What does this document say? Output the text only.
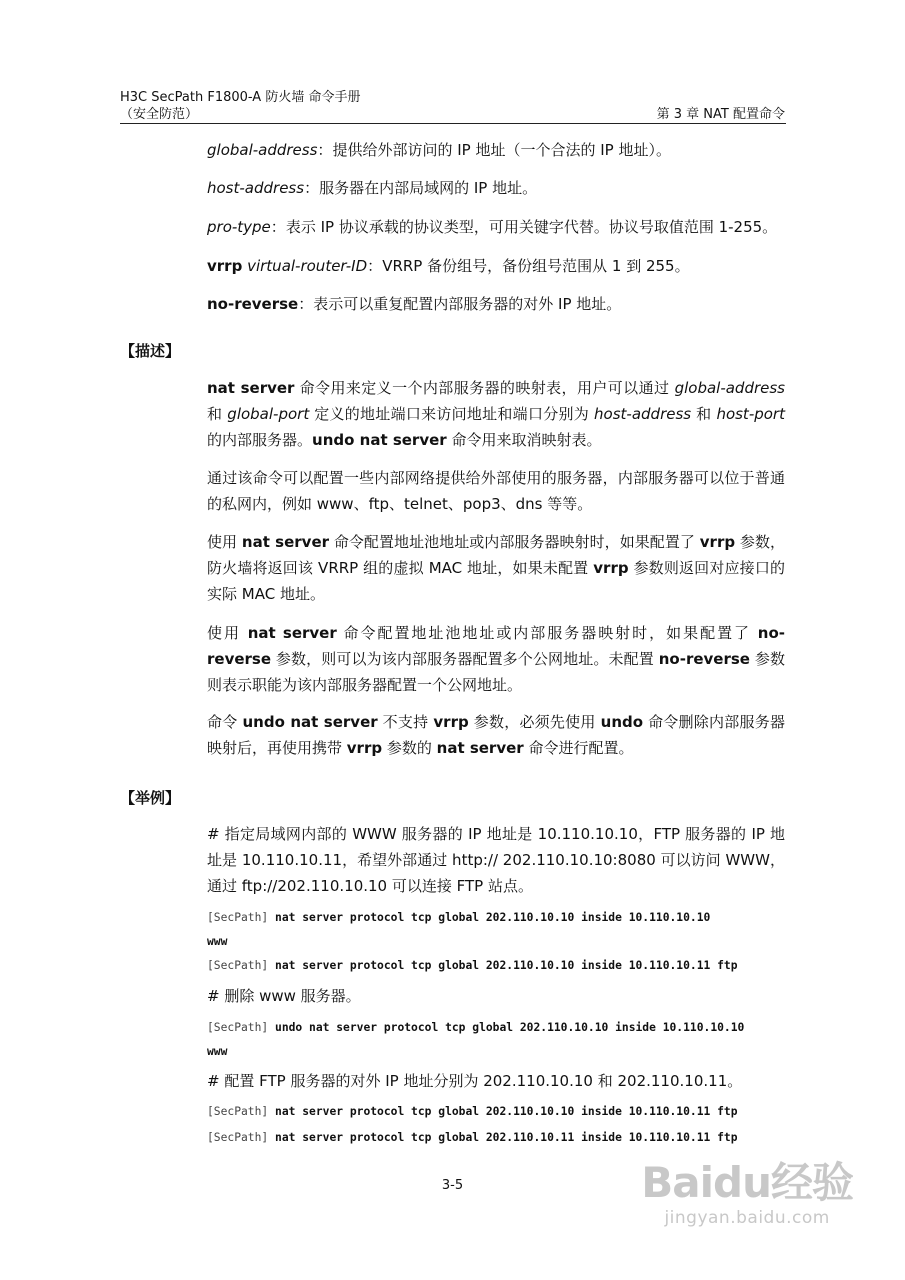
H3C SecPath F1800-A 防火墙 命令手册
（安全防范）	第 3 章 NAT 配置命令
global-address：提供给外部访问的 IP 地址（一个合法的 IP 地址）。
host-address：服务器在内部局域网的 IP 地址。
pro-type：表示 IP 协议承载的协议类型，可用关键字代替。协议号取值范围 1-255。
vrrp virtual-router-ID：VRRP 备份组号，备份组号范围从 1 到 255。
no-reverse：表示可以重复配置内部服务器的对外 IP 地址。
【描述】
nat server 命令用来定义一个内部服务器的映射表，用户可以通过 global-address 和 global-port 定义的地址端口来访问地址和端口分别为 host-address 和 host-port 的内部服务器。undo nat server 命令用来取消映射表。
通过该命令可以配置一些内部网络提供给外部使用的服务器，内部服务器可以位于普通的私网内，例如 www、ftp、telnet、pop3、dns 等等。
使用 nat server 命令配置地址池地址或内部服务器映射时，如果配置了 vrrp 参数，防火墙将返回该 VRRP 组的虚拟 MAC 地址，如果未配置 vrrp 参数则返回对应接口的实际 MAC 地址。
使用 nat server 命令配置地址池地址或内部服务器映射时，如果配置了 no-reverse 参数，则可以为该内部服务器配置多个公网地址。未配置 no-reverse 参数则表示职能为该内部服务器配置一个公网地址。
命令 undo nat server 不支持 vrrp 参数，必须先使用 undo 命令删除内部服务器映射后，再使用携带 vrrp 参数的 nat server 命令进行配置。
【举例】
# 指定局域网内部的 WWW 服务器的 IP 地址是 10.110.10.10，FTP 服务器的 IP 地址是 10.110.10.11，希望外部通过 http:// 202.110.10.10:8080 可以访问 WWW，通过 ftp://202.110.10.10 可以连接 FTP 站点。
[SecPath] nat server protocol tcp global 202.110.10.10 inside 10.110.10.10
www
[SecPath] nat server protocol tcp global 202.110.10.10 inside 10.110.10.11 ftp
# 删除 www 服务器。
[SecPath] undo nat server protocol tcp global 202.110.10.10 inside 10.110.10.10
www
# 配置 FTP 服务器的对外 IP 地址分别为 202.110.10.10 和 202.110.10.11。
[SecPath] nat server protocol tcp global 202.110.10.10 inside 10.110.10.11 ftp
[SecPath] nat server protocol tcp global 202.110.10.11 inside 10.110.10.11 ftp
3-5	Baidu经验
jingyan.baidu.com
